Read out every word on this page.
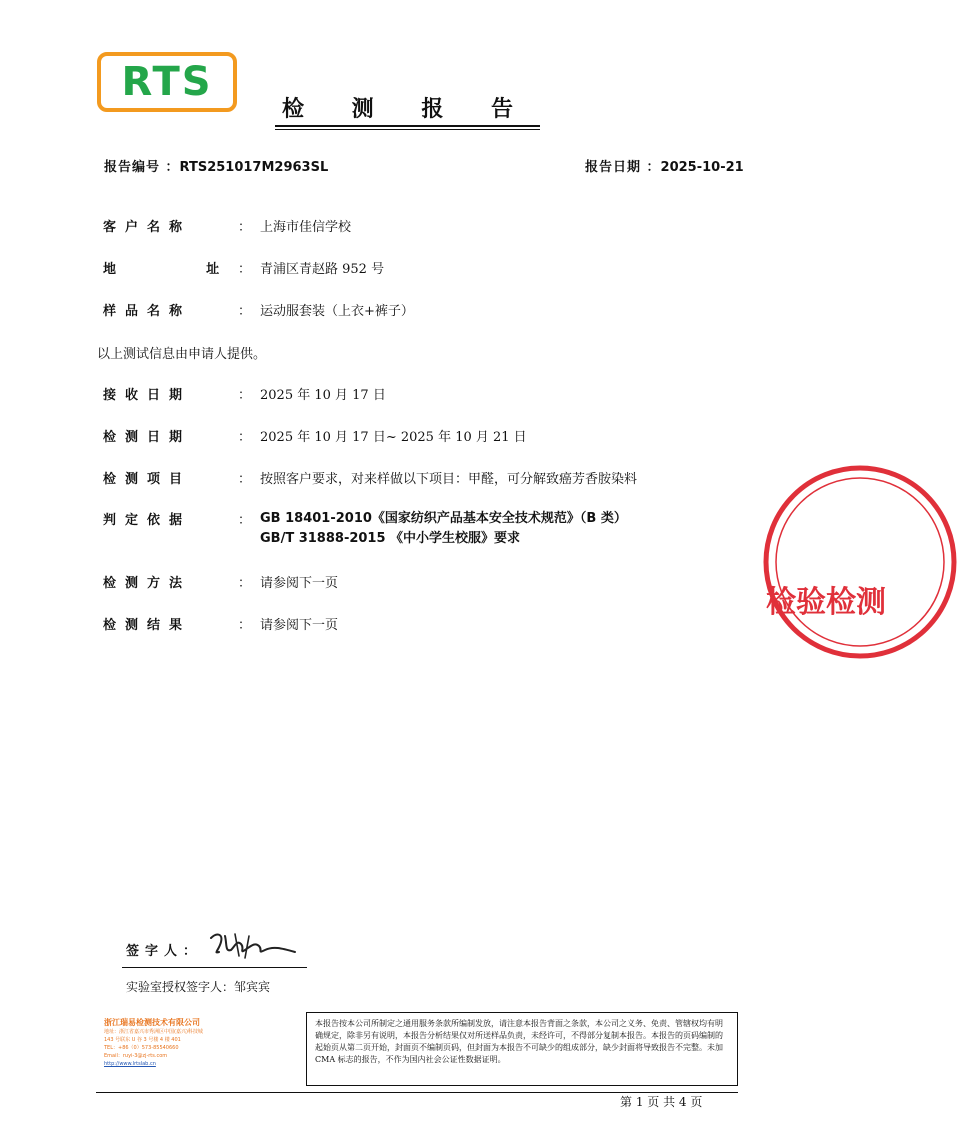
RTS
检 测 报 告
报告编号 ：RTS251017M2963SL	报告日期 ：2025-10-21
客户名称	： 上海市佳信学校
地      址 ： 青浦区青赵路 952 号
样品名称	： 运动服套装（上衣+裤子）
以上测试信息由申请人提供。
接收日期	： 2025 年 10 月 17 日
检测日期	： 2025 年 10 月 17 日~ 2025 年 10 月 21 日
检测项目	： 按照客户要求，对来样做以下项目：甲醛，可分解致癌芳香胺染料
判定依据	： GB 18401-2010《国家纺织产品基本安全技术规范》（B 类）
GB/T 31888-2015 《中小学生校服》要求
检测方法	： 请参阅下一页
检测结果	： 请参阅下一页
检验检测
签字人：
实验室授权签字人：邹宾宾
浙江瑞易检测技术有限公司
地址：浙江省嘉兴市秀洲区中国(嘉兴)科技城
143 号联东 U 谷 3 号楼 4 楼 401
TEL：+86（0）573-85540660
Email：ruyi-3@zj-rts.com
http://www.lrtslab.cn
本报告按本公司所制定之通用服务条款所编制发放，请注意本报告背面之条款，本公司之义务、免责、管辖权均有明确规定，除非另有说明，本报告分析结果仅对所送样品负责，未经许可，不得部分复制本报告。本报告的页码编制的起始页从第二页开始，封面页不编制页码，但封面为本报告不可缺少的组成部分，缺少封面将导致报告不完整。未加 CMA 标志的报告，不作为国内社会公证性数据证明。
第 1 页 共 4 页
